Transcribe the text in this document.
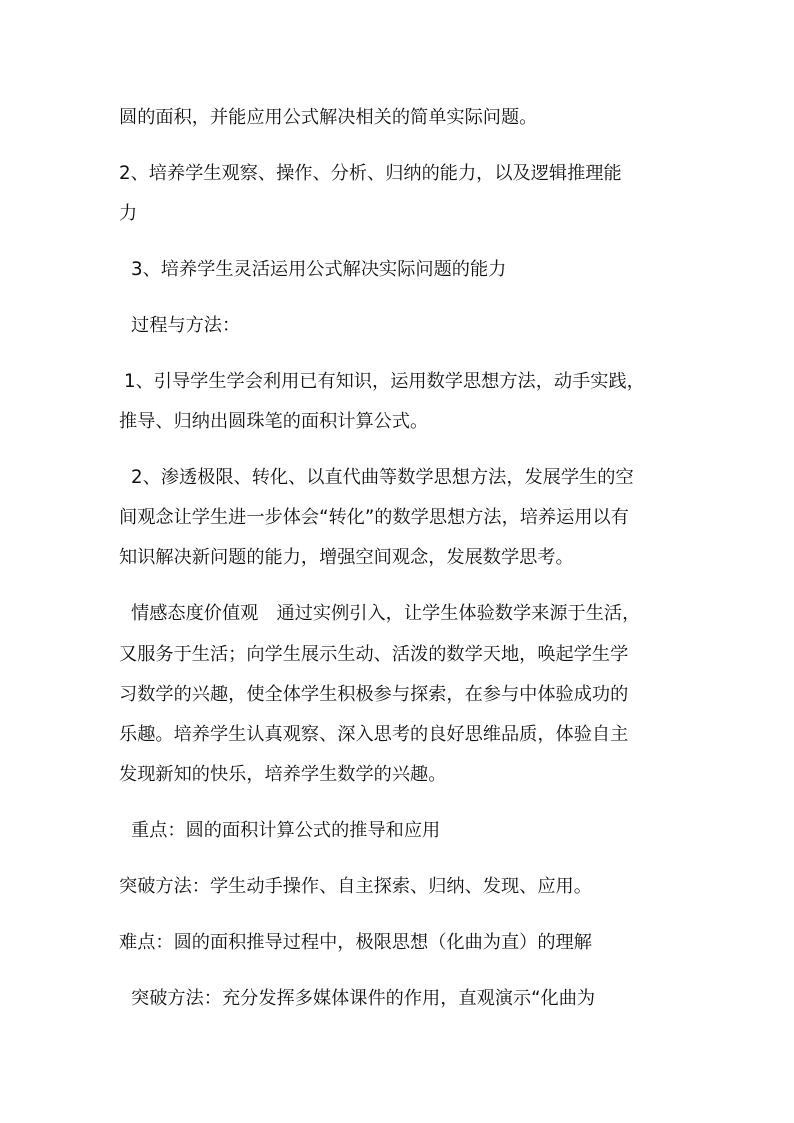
圆的面积，并能应用公式解决相关的简单实际问题。
2、培养学生观察、操作、分析、归纳的能力，以及逻辑推理能
力
3、培养学生灵活运用公式解决实际问题的能力
过程与方法：
1、引导学生学会利用已有知识，运用数学思想方法，动手实践，
推导、归纳出圆珠笔的面积计算公式。
2、渗透极限、转化、以直代曲等数学思想方法，发展学生的空
间观念让学生进一步体会“转化”的数学思想方法，培养运用以有
知识解决新问题的能力，增强空间观念，发展数学思考。
情感态度价值观　通过实例引入，让学生体验数学来源于生活，
又服务于生活；向学生展示生动、活泼的数学天地，唤起学生学
习数学的兴趣，使全体学生积极参与探索，在参与中体验成功的
乐趣。培养学生认真观察、深入思考的良好思维品质，体验自主
发现新知的快乐，培养学生数学的兴趣。
重点：圆的面积计算公式的推导和应用
突破方法：学生动手操作、自主探索、归纳、发现、应用。
难点：圆的面积推导过程中，极限思想（化曲为直）的理解
突破方法：充分发挥多媒体课件的作用，直观演示“化曲为
